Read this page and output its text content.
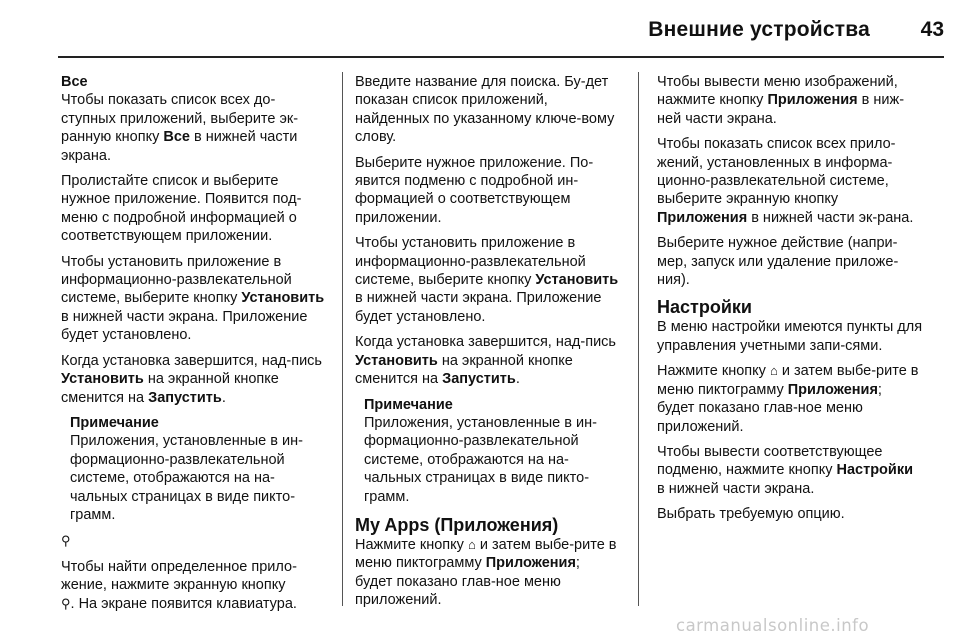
Внешние устройства	43
Все

Чтобы показать список всех до-ступных приложений, выберите эк-ранную кнопку Все в нижней части экрана.

Пролистайте список и выберите нужное приложение. Появится под-меню с подробной информацией о соответствующем приложении.

Чтобы установить приложение в информационно-развлекательной системе, выберите кнопку Установить в нижней части экрана. Приложение будет установлено.

Когда установка завершится, над-пись Установить на экранной кнопке сменится на Запустить.

Примечание
Приложения, установленные в ин-формационно-развлекательной системе, отображаются на на-чальных страницах в виде пикто-грамм.

⚲

Чтобы найти определенное прило-жение, нажмите экранную кнопку
⚲. На экране появится клавиатура.

Введите название для поиска. Бу-дет показан список приложений, найденных по указанному ключе-вому слову.

Выберите нужное приложение. По-явится подменю с подробной ин-формацией о соответствующем приложении.

Чтобы установить приложение в информационно-развлекательной системе, выберите кнопку Установить в нижней части экрана. Приложение будет установлено.

Когда установка завершится, над-пись Установить на экранной кнопке сменится на Запустить.

Примечание
Приложения, установленные в ин-формационно-развлекательной системе, отображаются на на-чальных страницах в виде пикто-грамм.
My Apps (Приложения)

Нажмите кнопку ⌂ и затем выбе-рите в меню пиктограмму Приложения; будет показано глав-ное меню приложений.

Чтобы вывести меню изображений, нажмите кнопку Приложения в ниж-ней части экрана.

Чтобы показать список всех прило-жений, установленных в информа-ционно-развлекательной системе, выберите экранную кнопку Приложения в нижней части эк-рана.

Выберите нужное действие (напри-мер, запуск или удаление приложе-ния).

Настройки

В меню настройки имеются пункты для управления учетными запи-сями.

Нажмите кнопку ⌂ и затем выбе-рите в меню пиктограмму Приложения; будет показано глав-ное меню приложений.

Чтобы вывести соответствующее подменю, нажмите кнопку Настройки в нижней части экрана.

Выбрать требуемую опцию.

carmanualsonline.info
